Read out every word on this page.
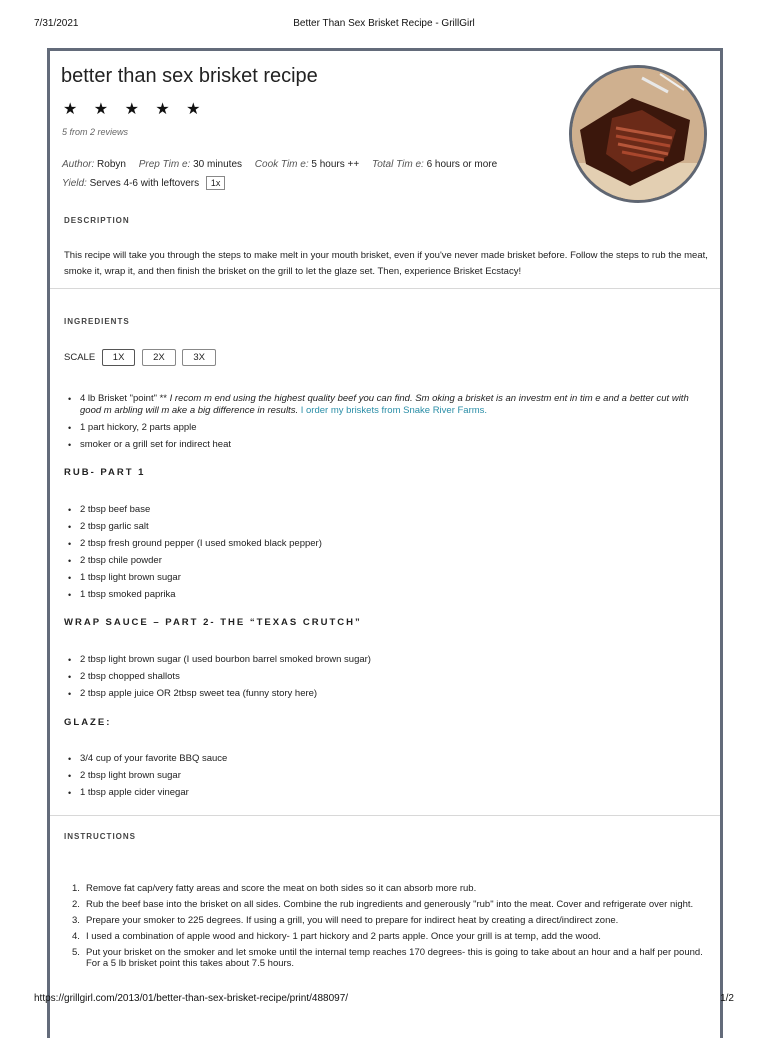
7/31/2021	Better Than Sex Brisket Recipe - GrillGirl
better than sex brisket recipe
★ ★ ★ ★ ★
5 from 2 reviews
Author: Robyn Prep Tim e: 30 minutes Cook Tim e: 5 hours ++ Total Tim e: 6 hours or more
Yield: Serves 4-6 with leftovers 1x
DESCRIPTION
This recipe will take you through the steps to make melt in your mouth brisket, even if you've never made brisket before. Follow the steps to rub the meat, smoke it, wrap it, and then finish the brisket on the grill to let the glaze set. Then, experience Brisket Ecstacy!
INGREDIENTS
SCALE 1X	2X	3X
• 4 lb Brisket "point" ** I recom m end using the highest quality beef you can find. Sm oking a brisket is an investm ent in tim e and a better cut with good m arbling will m ake a big difference in results. I order my briskets from Snake River Farms.
• 1 part hickory, 2 parts apple
• smoker or a grill set for indirect heat
RUB- PART 1
• 2 tbsp beef base
• 2 tbsp garlic salt
• 2 tbsp fresh ground pepper (I used smoked black pepper)
• 2 tbsp chile powder
• 1 tbsp light brown sugar
• 1 tbsp smoked paprika
WRAP SAUCE – PART 2- THE “TEXAS CRUTCH”
• 2 tbsp light brown sugar (I used bourbon barrel smoked brown sugar)
• 2 tbsp chopped shallots
• 2 tbsp apple juice OR 2tbsp sweet tea (funny story here)
GLAZE:
• 3/4 cup of your favorite BBQ sauce
• 2 tbsp light brown sugar
• 1 tbsp apple cider vinegar
INSTRUCTIONS
1. Remove fat cap/very fatty areas and score the meat on both sides so it can absorb more rub.
2. Rub the beef base into the brisket on all sides. Combine the rub ingredients and generously "rub" into the meat. Cover and refrigerate over night.
3. Prepare your smoker to 225 degrees. If using a grill, you will need to prepare for indirect heat by creating a direct/indirect zone.
4. I used a combination of apple wood and hickory- 1 part hickory and 2 parts apple. Once your grill is at temp, add the wood.
5. Put your brisket on the smoker and let smoke until the internal temp reaches 170 degrees- this is going to take about an hour and a half per pound. For a 5 lb brisket point this takes about 7.5 hours.
https://grillgirl.com/2013/01/better-than-sex-brisket-recipe/print/488097/	1/2
